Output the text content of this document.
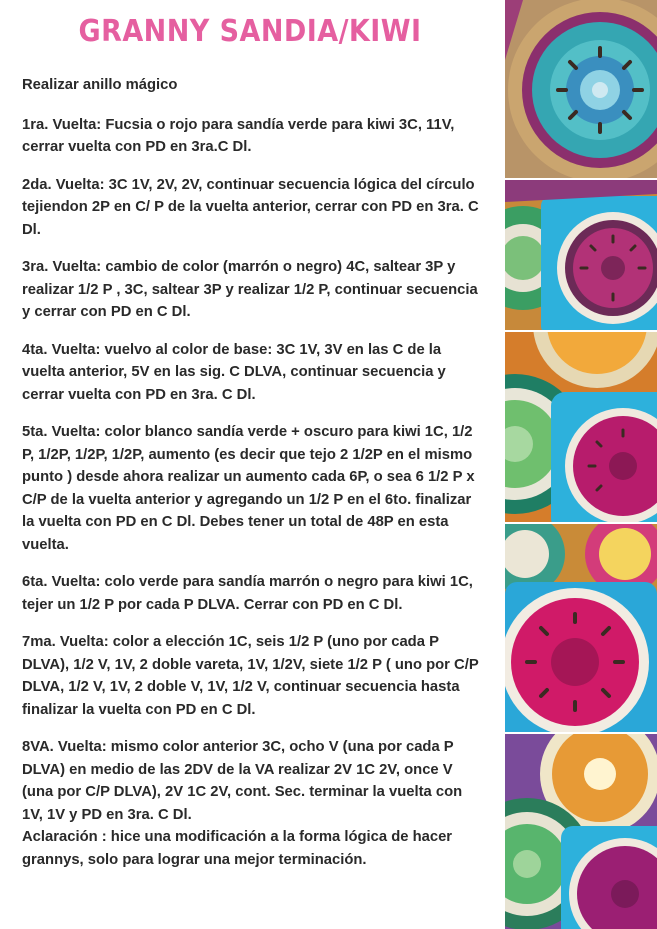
GRANNY SANDIA/KIWI

Realizar anillo mágico

1ra. Vuelta: Fucsia o rojo para sandía verde para kiwi 3C, 11V, cerrar vuelta con PD en 3ra.C Dl.

2da. Vuelta: 3C 1V, 2V, 2V, continuar secuencia lógica del círculo tejiendon 2P en C/ P de la vuelta anterior, cerrar con PD en 3ra. C Dl.

3ra. Vuelta: cambio de color (marrón o negro) 4C, saltear 3P y realizar 1/2 P , 3C, saltear 3P y realizar 1/2 P, continuar secuencia y cerrar con PD en C Dl.

4ta. Vuelta: vuelvo al color de base: 3C 1V, 3V en las C de la vuelta anterior, 5V en las sig. C DLVA, continuar secuencia y cerrar vuelta con PD en 3ra. C Dl.

5ta. Vuelta: color blanco sandía verde + oscuro para kiwi 1C, 1/2 P, 1/2P, 1/2P, 1/2P, aumento (es decir que tejo 2 1/2P en el mismo punto ) desde ahora realizar un aumento cada 6P, o sea 6 1/2 P x C/P de la vuelta anterior y agregando un 1/2 P en el 6to. finalizar la vuelta con PD en C Dl. Debes tener un total de 48P en esta vuelta.

6ta. Vuelta: colo verde para sandía marrón o negro para kiwi 1C, tejer un 1/2 P por cada P DLVA. Cerrar con PD en C Dl.

7ma. Vuelta: color a elección 1C, seis 1/2 P (uno por cada P DLVA), 1/2 V, 1V, 2 doble vareta, 1V, 1/2V, siete 1/2 P ( uno por C/P DLVA, 1/2 V, 1V, 2 doble V, 1V, 1/2 V, continuar secuencia hasta finalizar la vuelta con PD en C Dl.

8VA. Vuelta: mismo color anterior 3C, ocho V (una por cada P DLVA) en medio de las 2DV de la VA realizar 2V 1C 2V, once V (una por C/P DLVA), 2V 1C 2V, cont. Sec. terminar la vuelta con 1V, 1V y PD en 3ra. C Dl.

Aclaración : hice una modificación a la forma lógica de hacer grannys, solo para lograr una mejor terminación.
